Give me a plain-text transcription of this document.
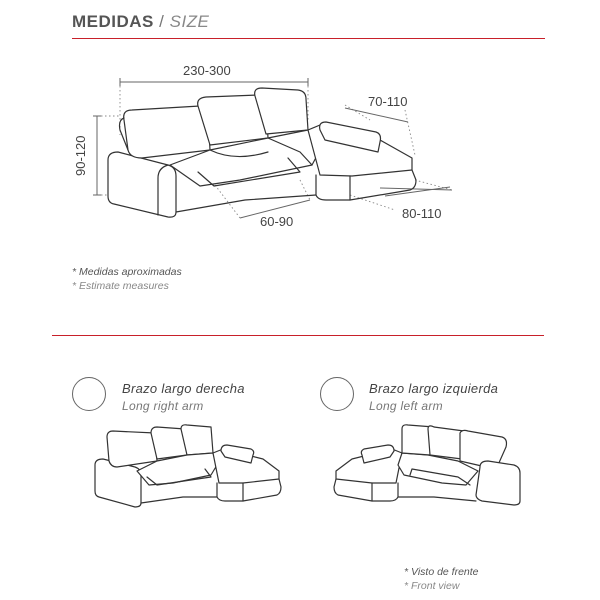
MEDIDAS / SIZE
230-300
90-120
70-110
80-110
60-90
* Medidas aproximadas
* Estimate measures
Brazo largo derecha
Long right arm
Brazo largo izquierda
Long left arm
* Visto de frente
* Front view
